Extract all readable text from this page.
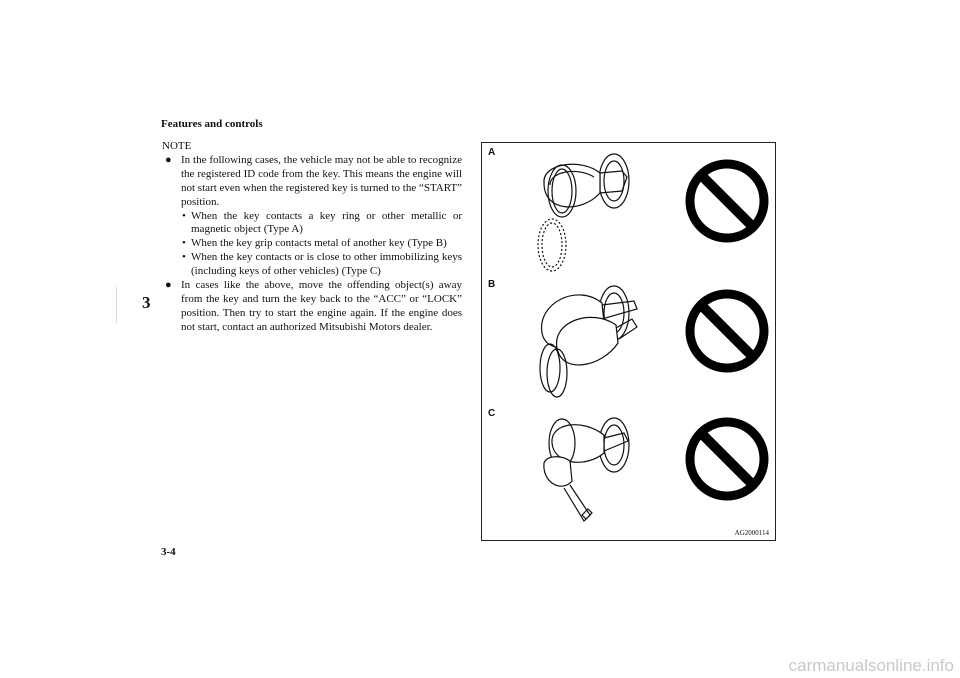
Features and controls
3
NOTE
● In the following cases, the vehicle may not be able to recognize the registered ID code from the key. This means the engine will not start even when the registered key is turned to the “START” position.
• When the key contacts a key ring or other metallic or magnetic object (Type A)
• When the key grip contacts metal of another key (Type B)
• When the key contacts or is close to other immobilizing keys (including keys of other vehicles) (Type C)
● In cases like the above, move the offending object(s) away from the key and turn the key back to the “ACC” or “LOCK” position. Then try to start the engine again. If the engine does not start, contact an authorized Mitsubishi Motors dealer.
A
B
C
AG2000114
3-4
carmanualsonline.info
